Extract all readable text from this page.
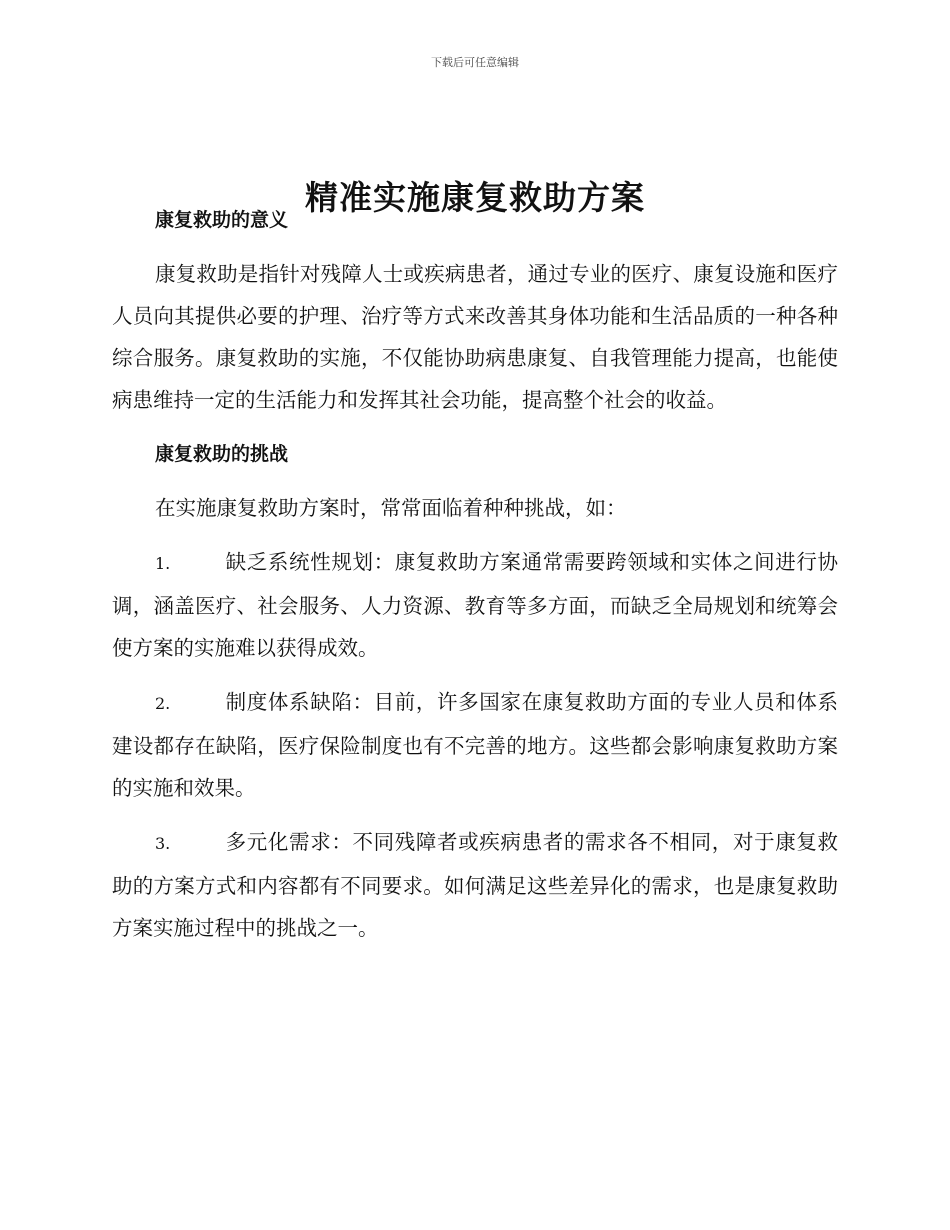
下载后可任意编辑
精准实施康复救助方案
康复救助的意义

康复救助是指针对残障人士或疾病患者，通过专业的医疗、康复设施和医疗人员向其提供必要的护理、治疗等方式来改善其身体功能和生活品质的一种各种综合服务。康复救助的实施，不仅能协助病患康复、自我管理能力提高，也能使病患维持一定的生活能力和发挥其社会功能，提高整个社会的收益。

康复救助的挑战

在实施康复救助方案时，常常面临着种种挑战，如：

1.	缺乏系统性规划：康复救助方案通常需要跨领域和实体之间进行协调，涵盖医疗、社会服务、人力资源、教育等多方面，而缺乏全局规划和统筹会使方案的实施难以获得成效。

2.	制度体系缺陷：目前，许多国家在康复救助方面的专业人员和体系建设都存在缺陷，医疗保险制度也有不完善的地方。这些都会影响康复救助方案的实施和效果。

3.	多元化需求：不同残障者或疾病患者的需求各不相同，对于康复救助的方案方式和内容都有不同要求。如何满足这些差异化的需求，也是康复救助方案实施过程中的挑战之一。
